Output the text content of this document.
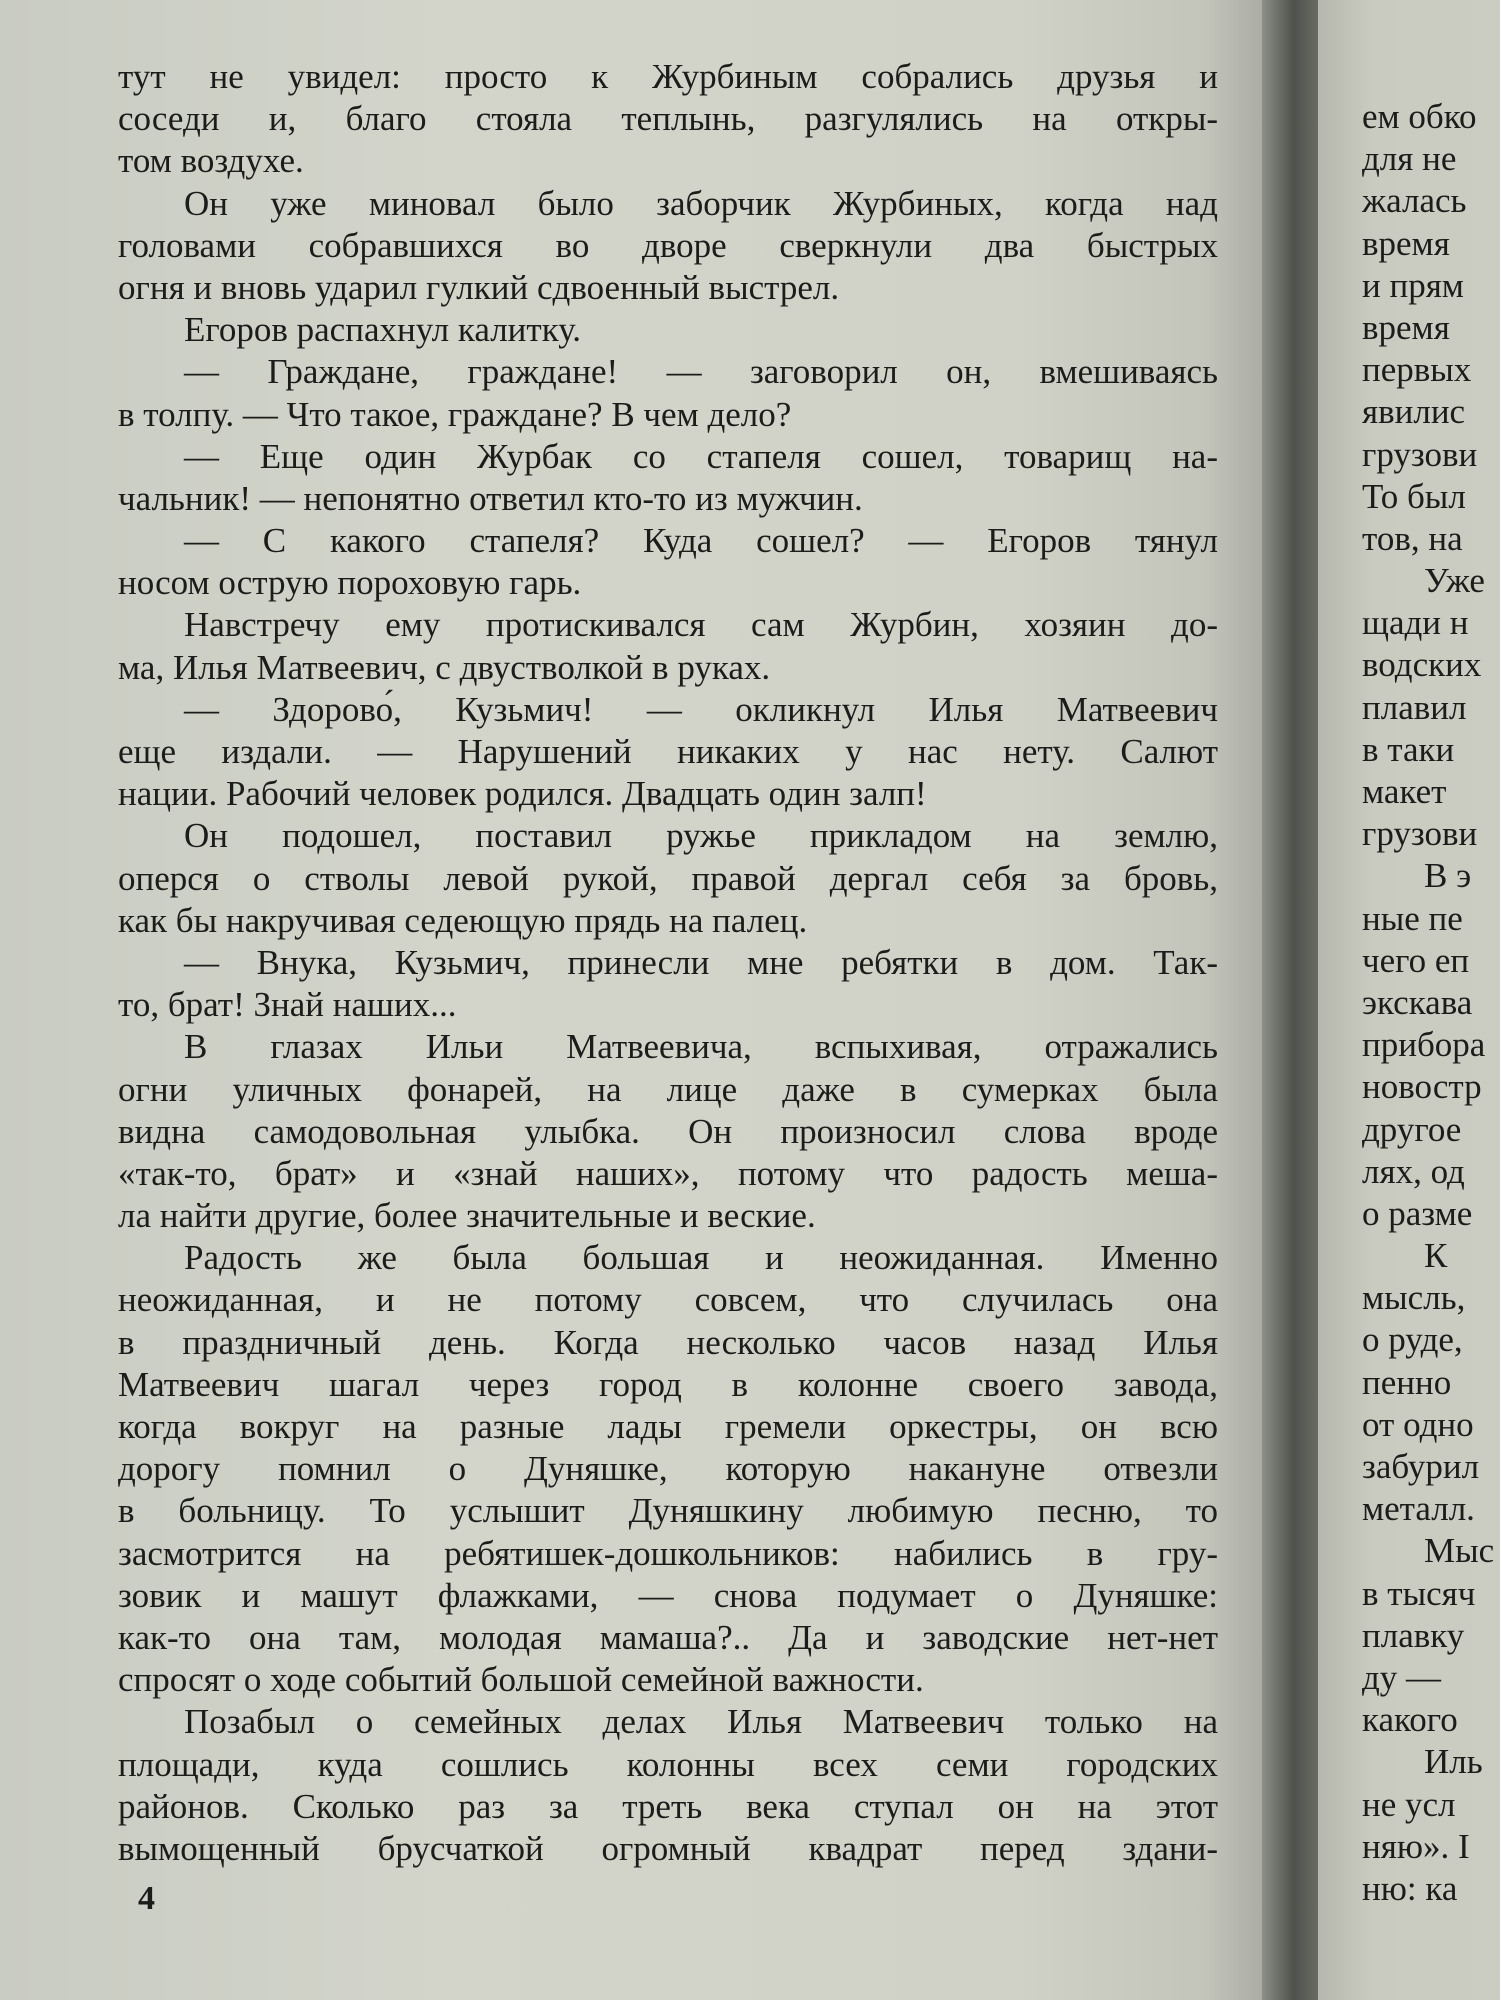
тут не увидел: просто к Журбиным собрались друзья и
соседи и, благо стояла теплынь, разгулялись на откры-
том воздухе.
Он уже миновал было заборчик Журбиных, когда над
головами собравшихся во дворе сверкнули два быстрых
огня и вновь ударил гулкий сдвоенный выстрел.
Егоров распахнул калитку.
— Граждане, граждане! — заговорил он, вмешиваясь
в толпу. — Что такое, граждане? В чем дело?
— Еще один Журбак со стапеля сошел, товарищ на-
чальник! — непонятно ответил кто-то из мужчин.
— С какого стапеля? Куда сошел? — Егоров тянул
носом острую пороховую гарь.
Навстречу ему протискивался сам Журбин, хозяин до-
ма, Илья Матвеевич, с двустволкой в руках.
— Здорово́, Кузьмич! — окликнул Илья Матвеевич
еще издали. — Нарушений никаких у нас нету. Салют
нации. Рабочий человек родился. Двадцать один залп!
Он подошел, поставил ружье прикладом на землю,
оперся о стволы левой рукой, правой дергал себя за бровь,
как бы накручивая седеющую прядь на палец.
— Внука, Кузьмич, принесли мне ребятки в дом. Так-
то, брат! Знай наших...
В глазах Ильи Матвеевича, вспыхивая, отражались
огни уличных фонарей, на лице даже в сумерках была
видна самодовольная улыбка. Он произносил слова вроде
«так-то, брат» и «знай наших», потому что радость меша-
ла найти другие, более значительные и веские.
Радость же была большая и неожиданная. Именно
неожиданная, и не потому совсем, что случилась она
в праздничный день. Когда несколько часов назад Илья
Матвеевич шагал через город в колонне своего завода,
когда вокруг на разные лады гремели оркестры, он всю
дорогу помнил о Дуняшке, которую накануне отвезли
в больницу. То услышит Дуняшкину любимую песню, то
засмотрится на ребятишек-дошкольников: набились в гру-
зовик и машут флажками, — снова подумает о Дуняшке:
как-то она там, молодая мамаша?.. Да и заводские нет-нет
спросят о ходе событий большой семейной важности.
Позабыл о семейных делах Илья Матвеевич только на
площади, куда сошлись колонны всех семи городских
районов. Сколько раз за треть века ступал он на этот
вымощенный брусчаткой огромный квадрат перед здани-
4
ем обко
для не
жалась
время
и прям
время
первых
явилис
грузови
То был
тов, на
Уже
щади н
водских
плавил
в таки
макет
грузови
В э
ные пе
чего еп
экскава
прибора
новостр
другое
лях, од
о разме
К
мысль,
о руде,
пенно
от одно
забурил
металл.
Мыс
в тысяч
плавку
ду —
какого
Иль
не усл
няю». I
ню: ка
